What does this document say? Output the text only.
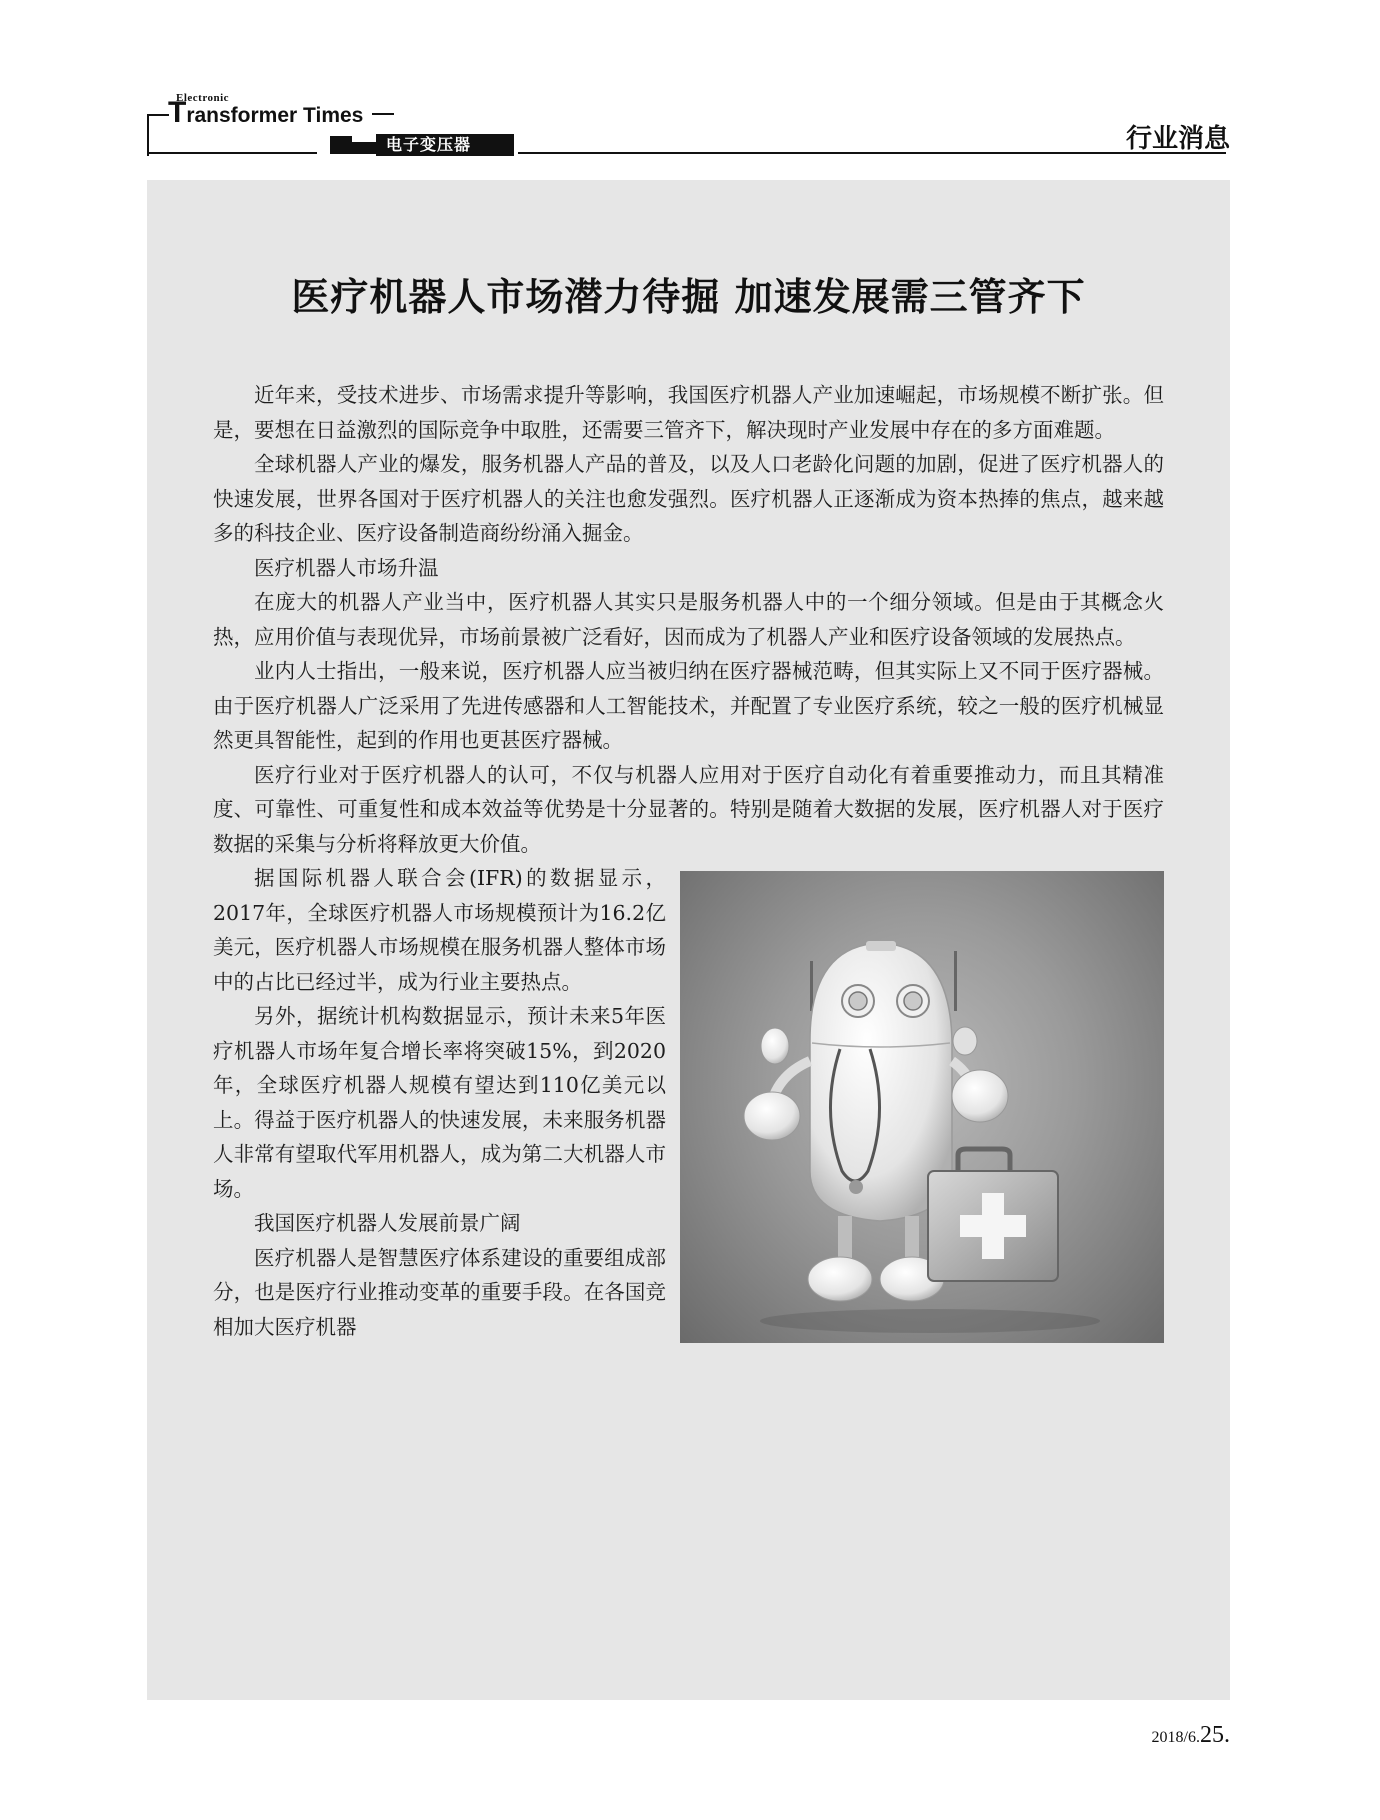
Electronic
Transformer Times
电子变压器	行业消息
医疗机器人市场潜力待掘 加速发展需三管齐下

近年来，受技术进步、市场需求提升等影响，我国医疗机器人产业加速崛起，市场规模不断扩张。但是，要想在日益激烈的国际竞争中取胜，还需要三管齐下，解决现时产业发展中存在的多方面难题。

全球机器人产业的爆发，服务机器人产品的普及，以及人口老龄化问题的加剧，促进了医疗机器人的快速发展，世界各国对于医疗机器人的关注也愈发强烈。医疗机器人正逐渐成为资本热捧的焦点，越来越多的科技企业、医疗设备制造商纷纷涌入掘金。

医疗机器人市场升温

在庞大的机器人产业当中，医疗机器人其实只是服务机器人中的一个细分领域。但是由于其概念火热，应用价值与表现优异，市场前景被广泛看好，因而成为了机器人产业和医疗设备领域的发展热点。

业内人士指出，一般来说，医疗机器人应当被归纳在医疗器械范畴，但其实际上又不同于医疗器械。由于医疗机器人广泛采用了先进传感器和人工智能技术，并配置了专业医疗系统，较之一般的医疗机械显然更具智能性，起到的作用也更甚医疗器械。

医疗行业对于医疗机器人的认可，不仅与机器人应用对于医疗自动化有着重要推动力，而且其精准度、可靠性、可重复性和成本效益等优势是十分显著的。特别是随着大数据的发展，医疗机器人对于医疗数据的采集与分析将释放更大价值。

据国际机器人联合会(IFR)的数据显示，2017年，全球医疗机器人市场规模预计为16.2亿美元，医疗机器人市场规模在服务机器人整体市场中的占比已经过半，成为行业主要热点。

另外，据统计机构数据显示，预计未来5年医疗机器人市场年复合增长率将突破15%，到2020年，全球医疗机器人规模有望达到110亿美元以上。得益于医疗机器人的快速发展，未来服务机器人非常有望取代军用机器人，成为第二大机器人市场。

我国医疗机器人发展前景广阔

医疗机器人是智慧医疗体系建设的重要组成部分，也是医疗行业推动变革的重要手段。在各国竞相加大医疗机器

2018/6.25.
